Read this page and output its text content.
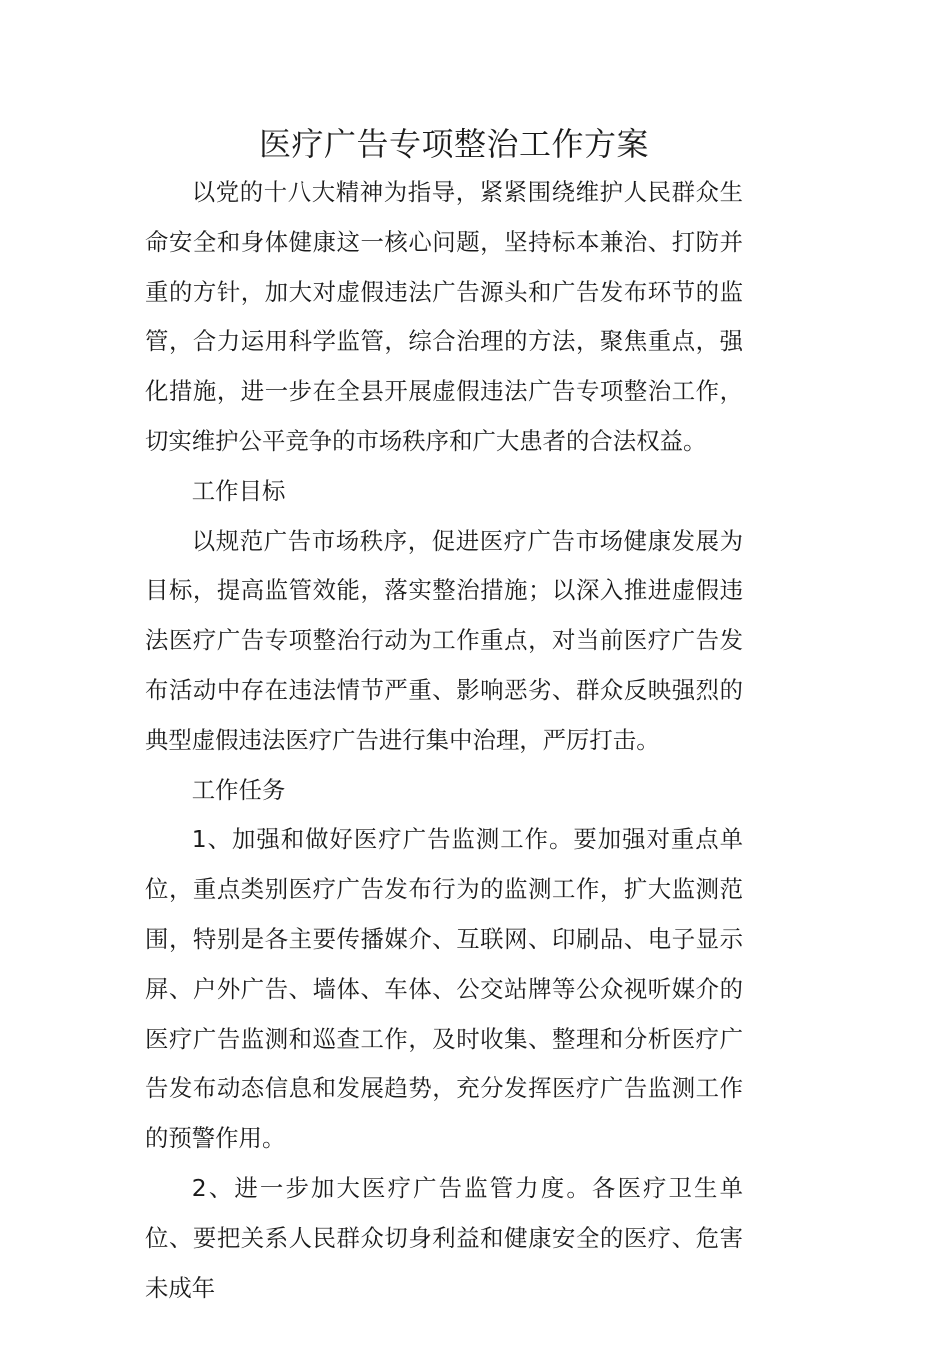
医疗广告专项整治工作方案

以党的十八大精神为指导，紧紧围绕维护人民群众生命安全和身体健康这一核心问题，坚持标本兼治、打防并重的方针，加大对虚假违法广告源头和广告发布环节的监管，合力运用科学监管，综合治理的方法，聚焦重点，强化措施，进一步在全县开展虚假违法广告专项整治工作，切实维护公平竞争的市场秩序和广大患者的合法权益。

工作目标

以规范广告市场秩序，促进医疗广告市场健康发展为目标，提高监管效能，落实整治措施；以深入推进虚假违法医疗广告专项整治行动为工作重点，对当前医疗广告发布活动中存在违法情节严重、影响恶劣、群众反映强烈的典型虚假违法医疗广告进行集中治理，严厉打击。

工作任务

1、加强和做好医疗广告监测工作。要加强对重点单位，重点类别医疗广告发布行为的监测工作，扩大监测范围，特别是各主要传播媒介、互联网、印刷品、电子显示屏、户外广告、墙体、车体、公交站牌等公众视听媒介的医疗广告监测和巡查工作，及时收集、整理和分析医疗广告发布动态信息和发展趋势，充分发挥医疗广告监测工作的预警作用。

2、进一步加大医疗广告监管力度。各医疗卫生单位、要把关系人民群众切身利益和健康安全的医疗、危害未成年
